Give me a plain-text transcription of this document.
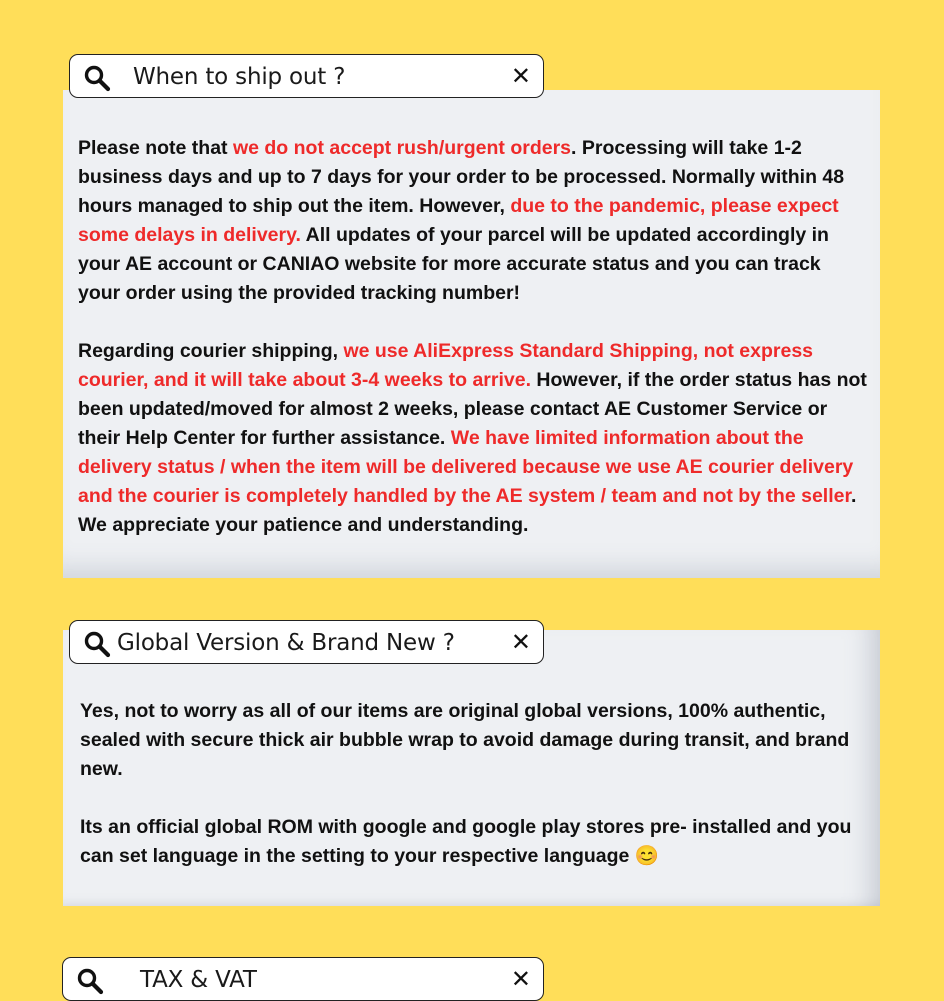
When to ship out ?	✕

Please note that we do not accept rush/urgent orders. Processing will take 1-2 business days and up to 7 days for your order to be processed. Normally within 48 hours managed to ship out the item. However, due to the pandemic, please expect some delays in delivery. All updates of your parcel will be updated accordingly in your AE account or CANIAO website for more accurate status and you can track your order using the provided tracking number!

Regarding courier shipping, we use AliExpress Standard Shipping, not express courier, and it will take about 3-4 weeks to arrive. However, if the order status has not been updated/moved for almost 2 weeks, please contact AE Customer Service or their Help Center for further assistance. We have limited information about the delivery status / when the item will be delivered because we use AE courier delivery and the courier is completely handled by the AE system / team and not by the seller. We appreciate your patience and understanding.

Global Version & Brand New ? ✕

Yes, not to worry as all of our items are original global versions, 100% authentic, sealed with secure thick air bubble wrap to avoid damage during transit, and brand new.

Its an official global ROM with google and google play stores pre- installed and you can set language in the setting to your respective language 😊

TAX & VAT	✕
